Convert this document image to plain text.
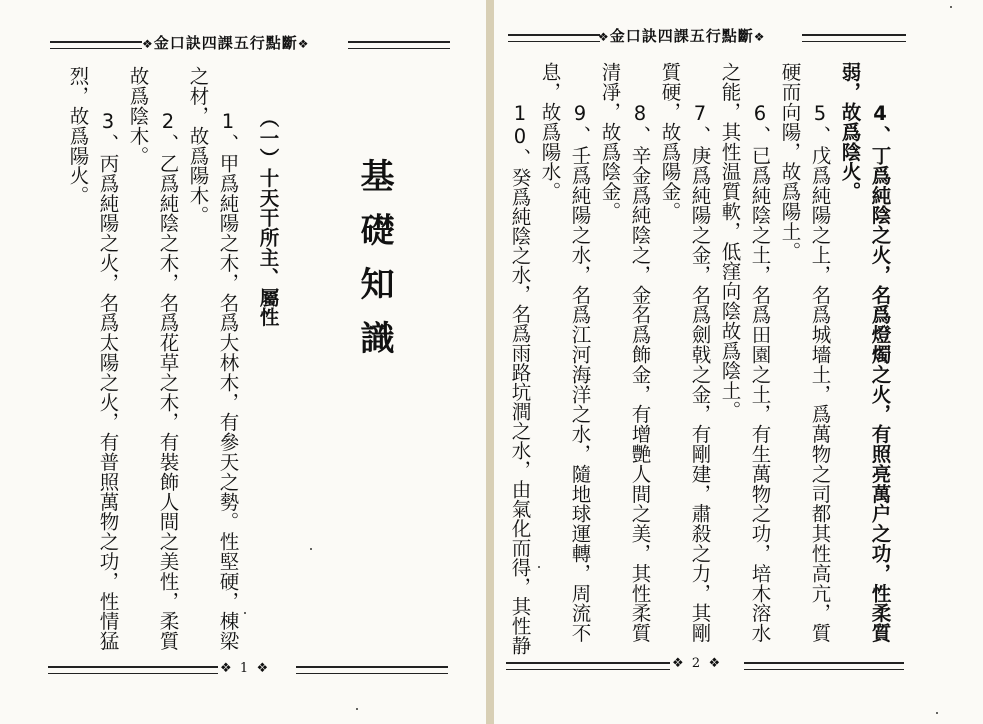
❖金口訣四課五行點斷❖
基礎知識
（一）十天干所主、屬性
1、甲爲純陽之木，名爲大林木，有參天之勢。性堅硬，棟梁
之材，故爲陽木。
2、乙爲純陰之木，名爲花草之木，有裝飾人間之美性，柔質
故爲陰木。
3、丙爲純陽之火，名爲太陽之火，有普照萬物之功，性情猛
烈，故爲陽火。
❖ 1 ❖
❖金口訣四課五行點斷❖
4、丁爲純陰之火，名爲燈燭之火，有照亮萬户之功，性柔質
弱，故爲陰火。
5、戊爲純陽之上，名爲城墻土，爲萬物之司都其性高亢，質
硬而向陽，故爲陽土。
6、已爲純陰之土，名爲田園之土，有生萬物之功，培木溶水
之能，其性温質軟，低窪向陰故爲陰土。
7、庚爲純陽之金，名爲劍戟之金，有剛建，肅殺之力，其剛
質硬，故爲陽金。
8、辛金爲純陰之，金名爲飾金，有增艷人間之美，其性柔質
清凈，故爲陰金。
9、壬爲純陽之水，名爲江河海洋之水，隨地球運轉，周流不
息，故爲陽水。
10、癸爲純陰之水，名爲雨路坑澗之水，由氣化而得，其性静
❖ 2 ❖
